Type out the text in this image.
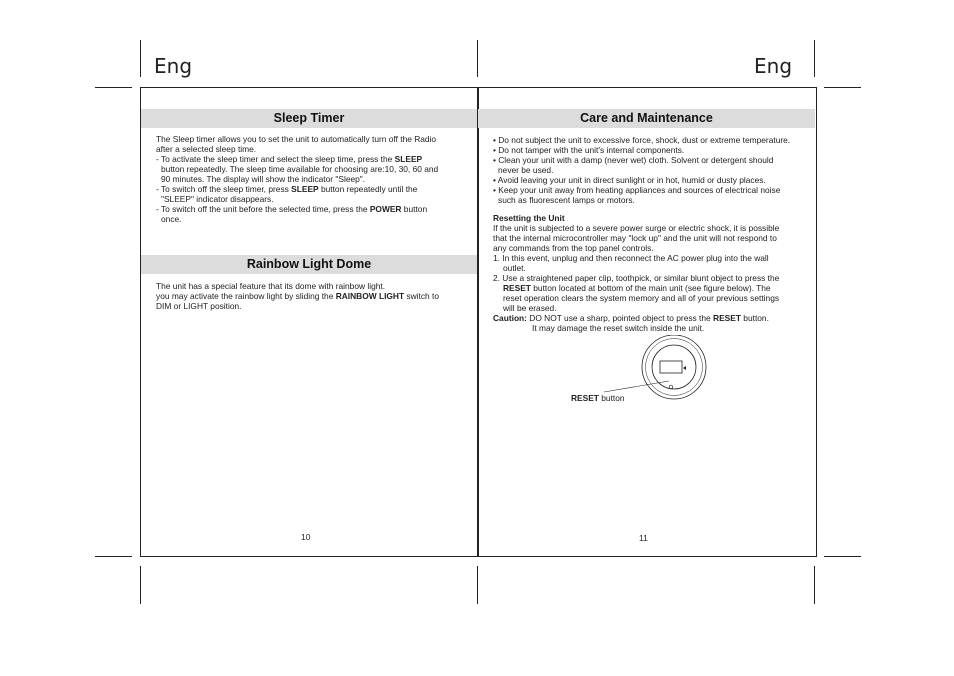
Eng	Eng
Sleep Timer

The Sleep timer allows you to set the unit to automatically turn off the Radio

after a selected sleep time.

- To activate the sleep timer and select the sleep time, press the SLEEP

button repeatedly. The sleep time available for choosing are:10, 30, 60 and

90 minutes. The display will show the indicator "Sleep".

- To switch off the sleep timer, press SLEEP button repeatedly until the

"SLEEP" indicator disappears.

- To switch off the unit before the selected time, press the POWER button

once.

Rainbow Light Dome

The unit has a special feature that its dome with rainbow light.

you may activate the rainbow light by sliding the RAINBOW LIGHT switch to

DIM or LIGHT position.

10
Care and Maintenance

• Do not subject the unit to excessive force, shock, dust or extreme temperature.

• Do not tamper with the unit's internal components.

• Clean your unit with a damp (never wet) cloth. Solvent or detergent should

never be used.

• Avoid leaving your unit in direct sunlight or in hot, humid or dusty places.

• Keep your unit away from heating appliances and sources of electrical noise

such as fluorescent lamps or motors.

Resetting the Unit

If the unit is subjected to a severe power surge or electric shock, it is possible

that the internal microcontroller may "lock up" and the unit will not respond to

any commands from the top panel controls.

1. In this event, unplug and then reconnect the AC power plug into the wall

outlet.

2. Use a straightened paper clip, toothpick, or similar blunt object to press the

RESET button located at bottom of the main unit (see figure below). The

reset operation clears the system memory and all of your previous settings

will be erased.

Caution: DO NOT use a sharp, pointed object to press the RESET button.

It may damage the reset switch inside the unit.

RESET button
11
